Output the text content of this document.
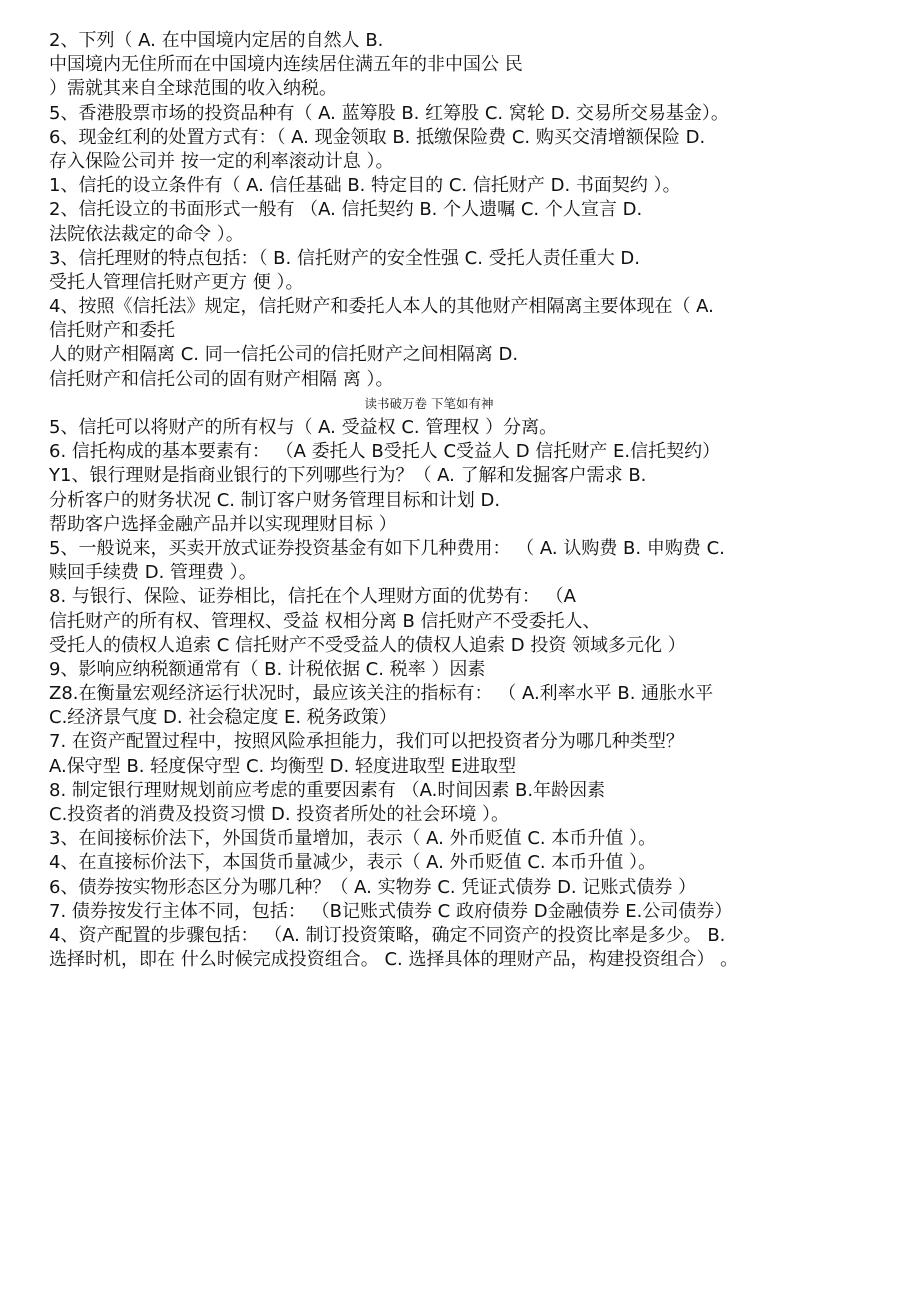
2、下列（ A. 在中国境内定居的自然人 B.
中国境内无住所而在中国境内连续居住满五年的非中国公 民
）需就其来自全球范围的收入纳税。
5、香港股票市场的投资品种有（ A. 蓝筹股 B. 红筹股 C. 窝轮 D. 交易所交易基金）。
6、现金红利的处置方式有：（ A. 现金领取 B. 抵缴保险费 C. 购买交清增额保险 D.
存入保险公司并 按一定的利率滚动计息 ）。
1、信托的设立条件有（ A. 信任基础 B. 特定目的 C. 信托财产 D. 书面契约 ）。
2、信托设立的书面形式一般有 （A. 信托契约 B. 个人遗嘱 C. 个人宣言 D.
法院依法裁定的命令 ）。
3、信托理财的特点包括：（ B. 信托财产的安全性强 C. 受托人责任重大 D.
受托人管理信托财产更方 便 ）。
4、按照《信托法》规定，信托财产和委托人本人的其他财产相隔离主要体现在（ A.
信托财产和委托
人的财产相隔离 C. 同一信托公司的信托财产之间相隔离 D.
信托财产和信托公司的固有财产相隔 离 ）。
读书破万卷 下笔如有神
5、信托可以将财产的所有权与（ A. 受益权 C. 管理权 ）分离。
6. 信托构成的基本要素有： （A 委托人 B受托人 C受益人 D 信托财产 E.信托契约）
Y1、银行理财是指商业银行的下列哪些行为？（ A. 了解和发掘客户需求 B.
分析客户的财务状况 C. 制订客户财务管理目标和计划 D.
帮助客户选择金融产品并以实现理财目标 ）
5、一般说来，买卖开放式证券投资基金有如下几种费用： （ A. 认购费 B. 申购费 C.
赎回手续费 D. 管理费 ）。
8. 与银行、保险、证券相比，信托在个人理财方面的优势有： （A
信托财产的所有权、管理权、受益 权相分离 B 信托财产不受委托人、
受托人的债权人追索 C 信托财产不受受益人的债权人追索 D 投资 领域多元化 ）
9、影响应纳税额通常有（ B. 计税依据 C. 税率 ）因素
Z8.在衡量宏观经济运行状况时，最应该关注的指标有： （ A.利率水平 B. 通胀水平
C.经济景气度 D. 社会稳定度 E. 税务政策）
7. 在资产配置过程中，按照风险承担能力，我们可以把投资者分为哪几种类型？
A.保守型 B. 轻度保守型 C. 均衡型 D. 轻度进取型 E进取型
8. 制定银行理财规划前应考虑的重要因素有 （A.时间因素 B.年龄因素
C.投资者的消费及投资习惯 D. 投资者所处的社会环境 ）。
3、在间接标价法下，外国货币量增加，表示（ A. 外币贬值 C. 本币升值 ）。
4、在直接标价法下，本国货币量减少，表示（ A. 外币贬值 C. 本币升值 ）。
6、债券按实物形态区分为哪几种？（ A. 实物券 C. 凭证式债券 D. 记账式债券 ）
7. 债券按发行主体不同，包括： （B记账式债券 C 政府债券 D金融债券 E.公司债券）
4、资产配置的步骤包括： （A. 制订投资策略，确定不同资产的投资比率是多少。 B.
选择时机，即在 什么时候完成投资组合。 C. 选择具体的理财产品，构建投资组合） 。
